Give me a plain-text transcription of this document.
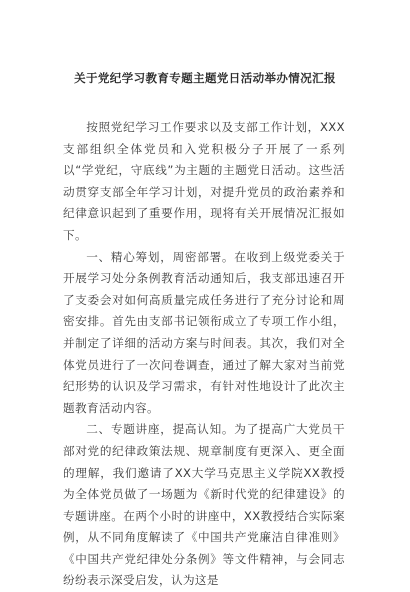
关于党纪学习教育专题主题党日活动举办情况汇报

按照党纪学习工作要求以及支部工作计划，XXX支部组织全体党员和入党积极分子开展了一系列以“学党纪，守底线”为主题的主题党日活动。这些活动贯穿支部全年学习计划，对提升党员的政治素养和纪律意识起到了重要作用，现将有关开展情况汇报如下。

一、精心筹划，周密部署。在收到上级党委关于开展学习处分条例教育活动通知后，我支部迅速召开了支委会对如何高质量完成任务进行了充分讨论和周密安排。首先由支部书记领衔成立了专项工作小组，并制定了详细的活动方案与时间表。其次，我们对全体党员进行了一次问卷调查，通过了解大家对当前党纪形势的认识及学习需求，有针对性地设计了此次主题教育活动内容。

二、专题讲座，提高认知。为了提高广大党员干部对党的纪律政策法规、规章制度有更深入、更全面的理解，我们邀请了XX大学马克思主义学院XX教授为全体党员做了一场题为《新时代党的纪律建设》的专题讲座。在两个小时的讲座中，XX教授结合实际案例，从不同角度解读了《中国共产党廉洁自律准则》《中国共产党纪律处分条例》等文件精神，与会同志纷纷表示深受启发，认为这是
